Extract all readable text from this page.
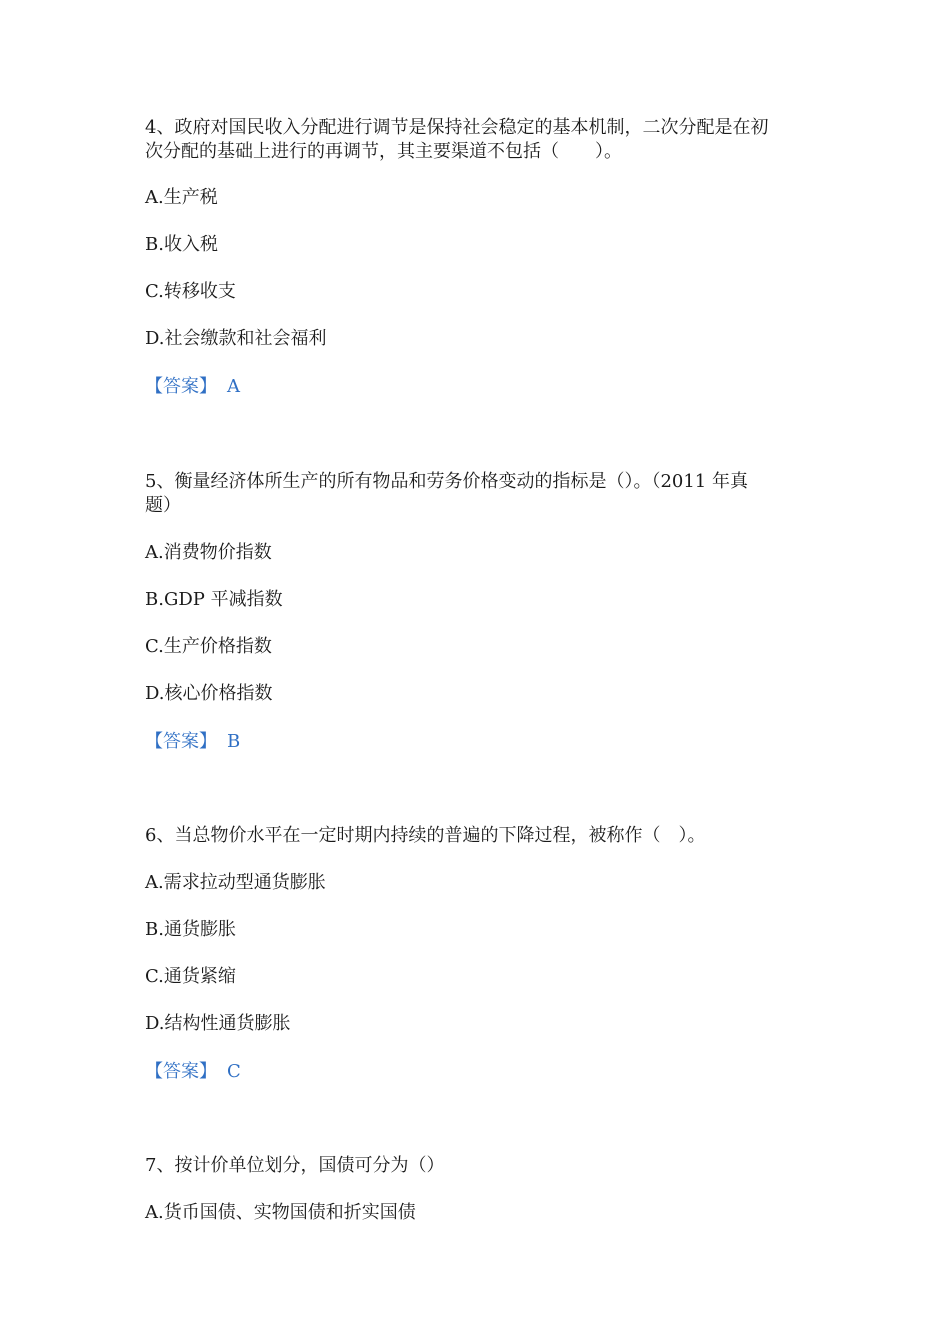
4、政府对国民收入分配进行调节是保持社会稳定的基本机制，二次分配是在初
次分配的基础上进行的再调节，其主要渠道不包括（　　）。
A.生产税
B.收入税
C.转移收支
D.社会缴款和社会福利
【答案】 A
5、衡量经济体所生产的所有物品和劳务价格变动的指标是（）。（2011 年真
题）
A.消费物价指数
B.GDP 平减指数
C.生产价格指数
D.核心价格指数
【答案】 B
6、当总物价水平在一定时期内持续的普遍的下降过程，被称作（　）。
A.需求拉动型通货膨胀
B.通货膨胀
C.通货紧缩
D.结构性通货膨胀
【答案】 C
7、按计价单位划分，国债可分为（）
A.货币国债、实物国债和折实国债
